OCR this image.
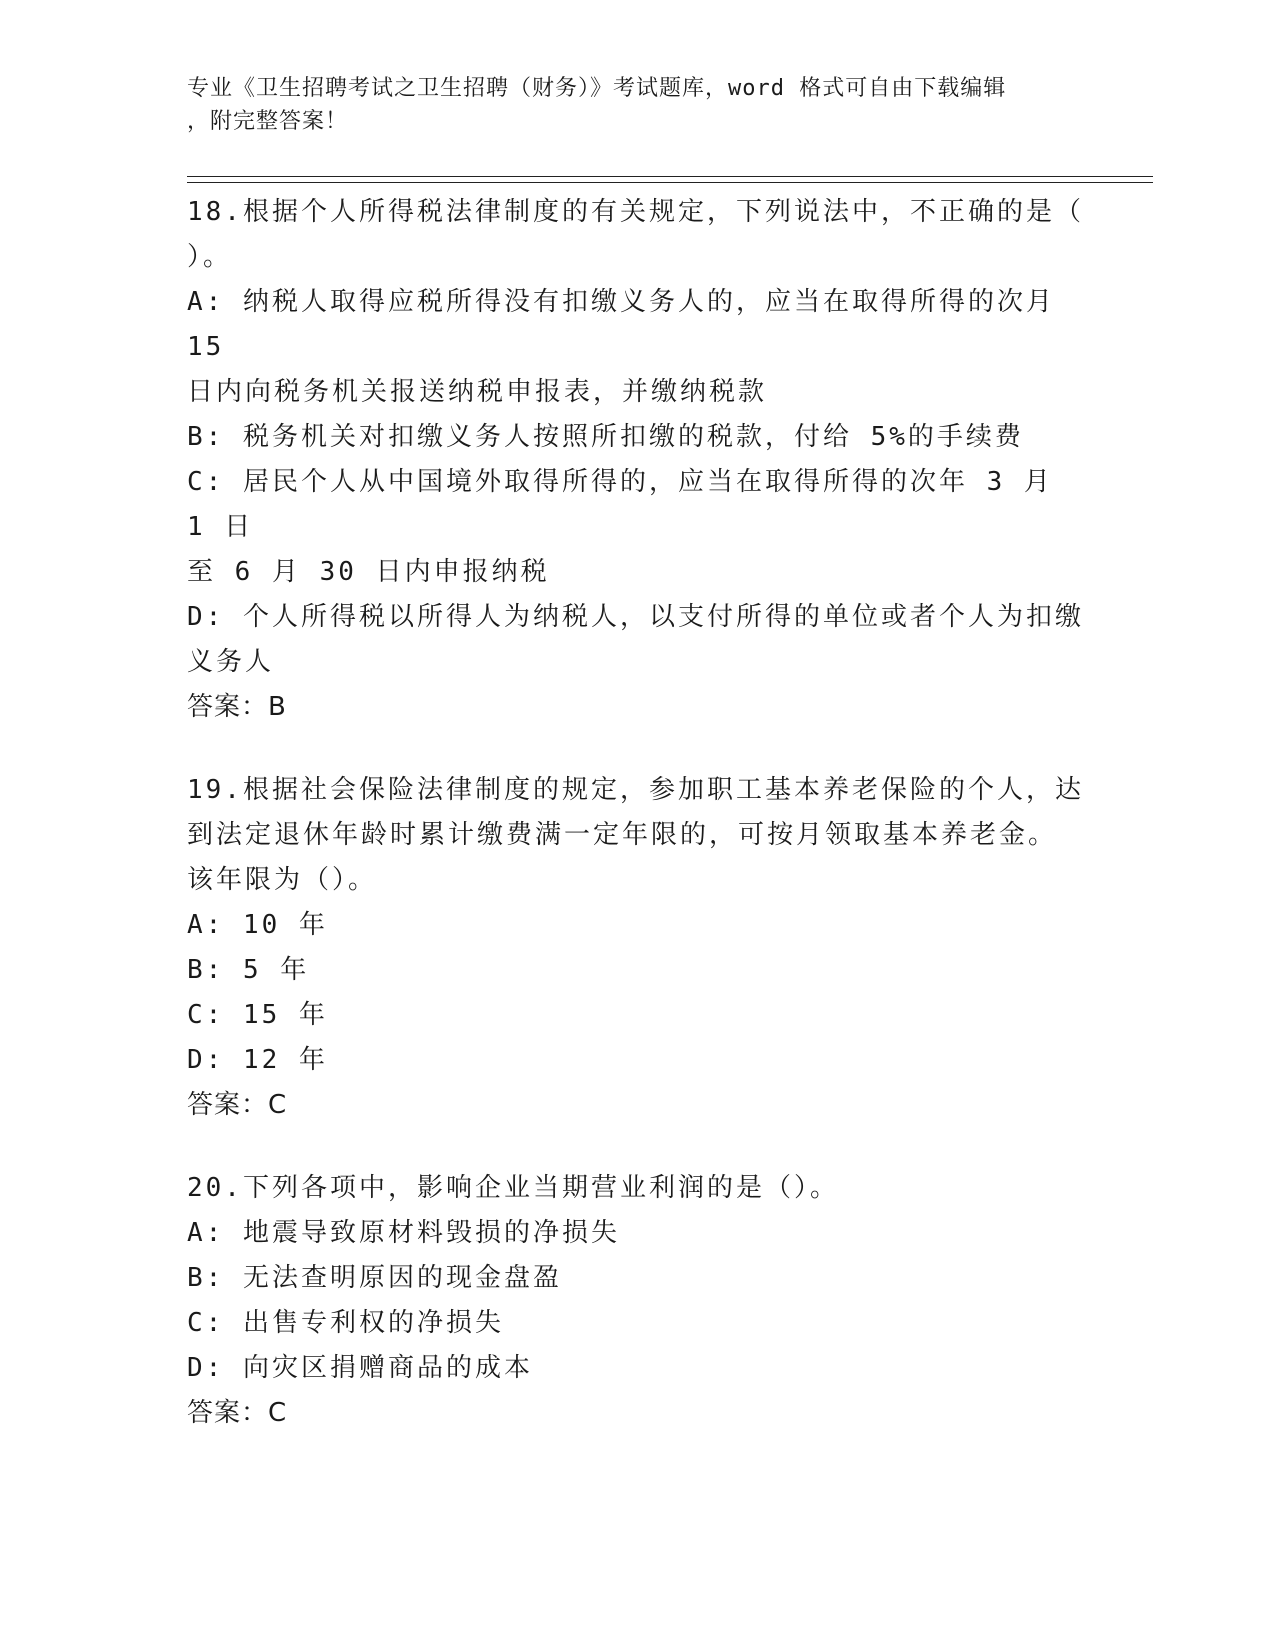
专业《卫生招聘考试之卫生招聘（财务）》考试题库，word 格式可自由下载编辑
，附完整答案！
18.根据个人所得税法律制度的有关规定，下列说法中，不正确的是（
）。
A: 纳税人取得应税所得没有扣缴义务人的，应当在取得所得的次月 15
日内向税务机关报送纳税申报表，并缴纳税款
B: 税务机关对扣缴义务人按照所扣缴的税款，付给 5%的手续费
C: 居民个人从中国境外取得所得的，应当在取得所得的次年 3 月 1 日
至 6 月 30 日内申报纳税
D: 个人所得税以所得人为纳税人，以支付所得的单位或者个人为扣缴
义务人
答案：B
19.根据社会保险法律制度的规定，参加职工基本养老保险的个人，达
到法定退休年龄时累计缴费满一定年限的，可按月领取基本养老金。
该年限为（）。
A: 10 年
B: 5 年
C: 15 年
D: 12 年
答案：C
20.下列各项中，影响企业当期营业利润的是（）。
A: 地震导致原材料毁损的净损失
B: 无法查明原因的现金盘盈
C: 出售专利权的净损失
D: 向灾区捐赠商品的成本
答案：C
